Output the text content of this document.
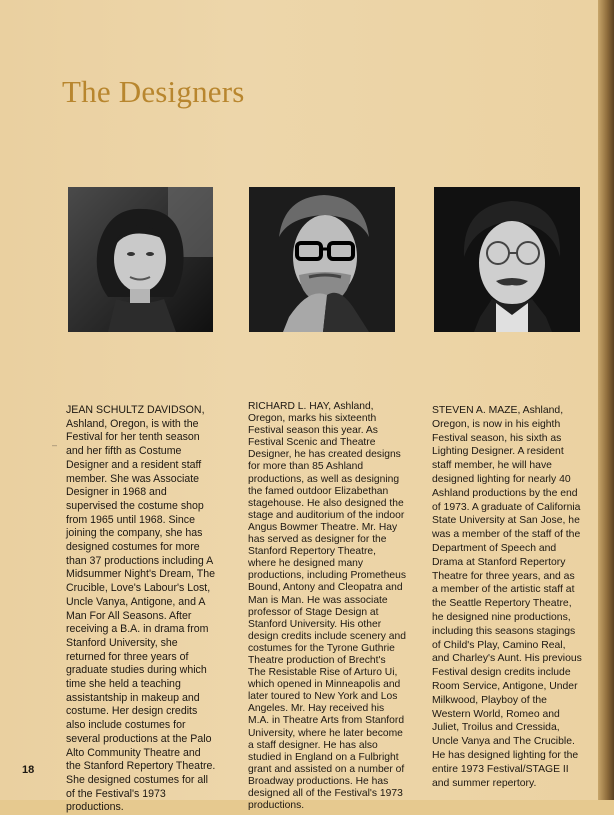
The Designers
–

JEAN SCHULTZ DAVIDSON, Ashland, Oregon, is with the Festival for her tenth season and her fifth as Costume Designer and a resident staff member. She was Associate Designer in 1968 and supervised the costume shop from 1965 until 1968. Since joining the company, she has designed costumes for more than 37 productions including A Midsummer Night's Dream, The Crucible, Love's Labour's Lost, Uncle Vanya, Antigone, and A Man For All Seasons. After receiving a B.A. in drama from Stanford University, she returned for three years of graduate studies during which time she held a teaching assistantship in makeup and costume. Her design credits also include costumes for several productions at the Palo Alto Community Theatre and the Stanford Repertory Theatre. She designed costumes for all of the Festival's 1973 productions.

RICHARD L. HAY, Ashland, Oregon, marks his sixteenth Festival season this year. As Festival Scenic and Theatre Designer, he has created designs for more than 85 Ashland productions, as well as designing the famed outdoor Elizabethan stagehouse. He also designed the stage and auditorium of the indoor Angus Bowmer Theatre. Mr. Hay has served as designer for the Stanford Repertory Theatre, where he designed many productions, including Prometheus Bound, Antony and Cleopatra and Man is Man. He was associate professor of Stage Design at Stanford University. His other design credits include scenery and costumes for the Tyrone Guthrie Theatre production of Brecht's The Resistable Rise of Arturo Ui, which opened in Minneapolis and later toured to New York and Los Angeles. Mr. Hay received his M.A. in Theatre Arts from Stanford University, where he later become a staff designer. He has also studied in England on a Fulbright grant and assisted on a number of Broadway productions. He has designed all of the Festival's 1973 productions.

STEVEN A. MAZE, Ashland, Oregon, is now in his eighth Festival season, his sixth as Lighting Designer. A resident staff member, he will have designed lighting for nearly 40 Ashland productions by the end of 1973. A graduate of California State University at San Jose, he was a member of the staff of the Department of Speech and Drama at Stanford Repertory Theatre for three years, and as a member of the artistic staff at the Seattle Repertory Theatre, he designed nine productions, including this seasons stagings of Child's Play, Camino Real, and Charley's Aunt. His previous Festival design credits include Room Service, Antigone, Under Milkwood, Playboy of the Western World, Romeo and Juliet, Troilus and Cressida, Uncle Vanya and The Crucible. He has designed lighting for the entire 1973 Festival/STAGE II and summer repertory.

18
